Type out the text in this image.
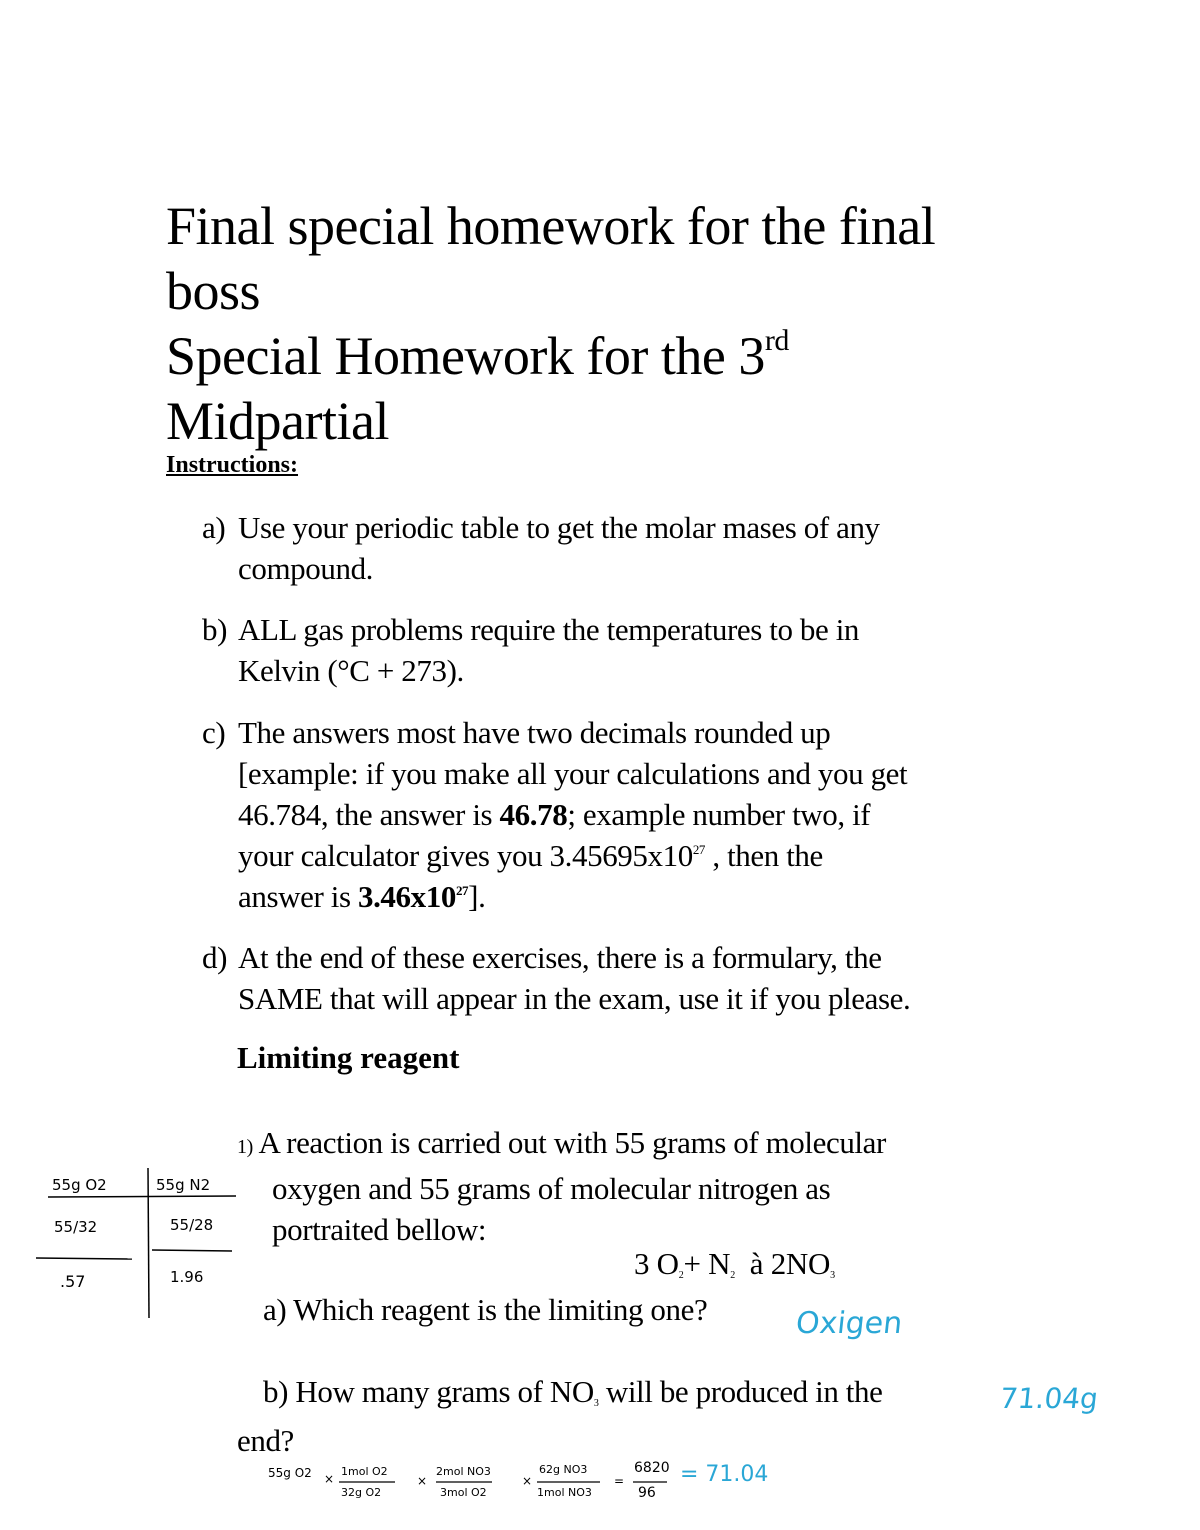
Final special homework for the final
boss
Special Homework for the 3rd
Midpartial
Instructions:
a) Use your periodic table to get the molar mases of any
compound.
b) ALL gas problems require the temperatures to be in
Kelvin (°C + 273).
c) The answers most have two decimals rounded up
[example: if you make all your calculations and you get
46.784, the answer is 46.78; example number two, if
your calculator gives you $3.45695x10^{27}$ , then the
answer is $3.46x10^{27}$].
d) At the end of these exercises, there is a formulary, the
SAME that will appear in the exam, use it if you please.
Limiting reagent
1) A reaction is carried out with 55 grams of molecular
oxygen and 55 grams of molecular nitrogen as
portraited bellow:
3 $O_2+ N_2$  à $2NO_3$
a) Which reagent is the limiting one?
b) How many grams of $NO_3$ will be produced in the
end?
Oxigen
71.04g
55g O2	55g N2
55/32	55/28
.57	1.96
55g O2 ×
1mol O2
32g O2
×
2mol NO3
3mol O2
×
62g NO3
1mol NO3
=
6820
96
= 71.04
